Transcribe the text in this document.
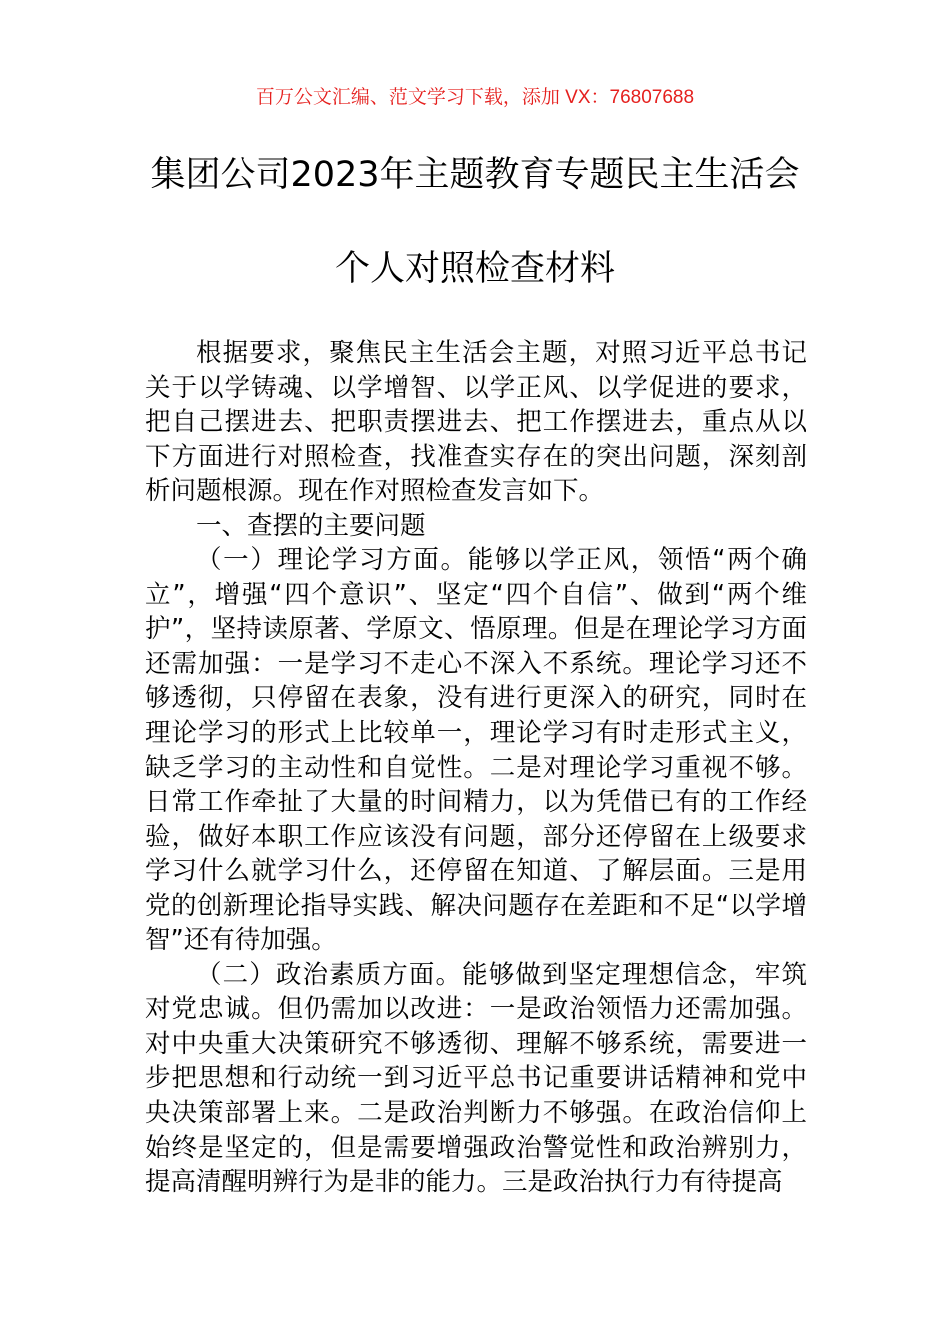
百万公文汇编、范文学习下载，添加 VX：76807688
集团公司2023年主题教育专题民主生活会
个人对照检查材料

根据要求，聚焦民主生活会主题，对照习近平总书记关于以学铸魂、以学增智、以学正风、以学促进的要求，把自己摆进去、把职责摆进去、把工作摆进去，重点从以下方面进行对照检查，找准查实存在的突出问题，深刻剖析问题根源。现在作对照检查发言如下。

一、查摆的主要问题

（一）理论学习方面。能够以学正风，领悟“两个确立”，增强“四个意识”、坚定“四个自信”、做到“两个维护”，坚持读原著、学原文、悟原理。但是在理论学习方面还需加强：一是学习不走心不深入不系统。理论学习还不够透彻，只停留在表象，没有进行更深入的研究，同时在理论学习的形式上比较单一，理论学习有时走形式主义，缺乏学习的主动性和自觉性。二是对理论学习重视不够。日常工作牵扯了大量的时间精力，以为凭借已有的工作经验，做好本职工作应该没有问题，部分还停留在上级要求学习什么就学习什么，还停留在知道、了解层面。三是用党的创新理论指导实践、解决问题存在差距和不足“以学增智”还有待加强。

（二）政治素质方面。能够做到坚定理想信念，牢筑对党忠诚。但仍需加以改进：一是政治领悟力还需加强。对中央重大决策研究不够透彻、理解不够系统，需要进一步把思想和行动统一到习近平总书记重要讲话精神和党中央决策部署上来。二是政治判断力不够强。在政治信仰上始终是坚定的，但是需要增强政治警觉性和政治辨别力，提高清醒明辨行为是非的能力。三是政治执行力有待提高
